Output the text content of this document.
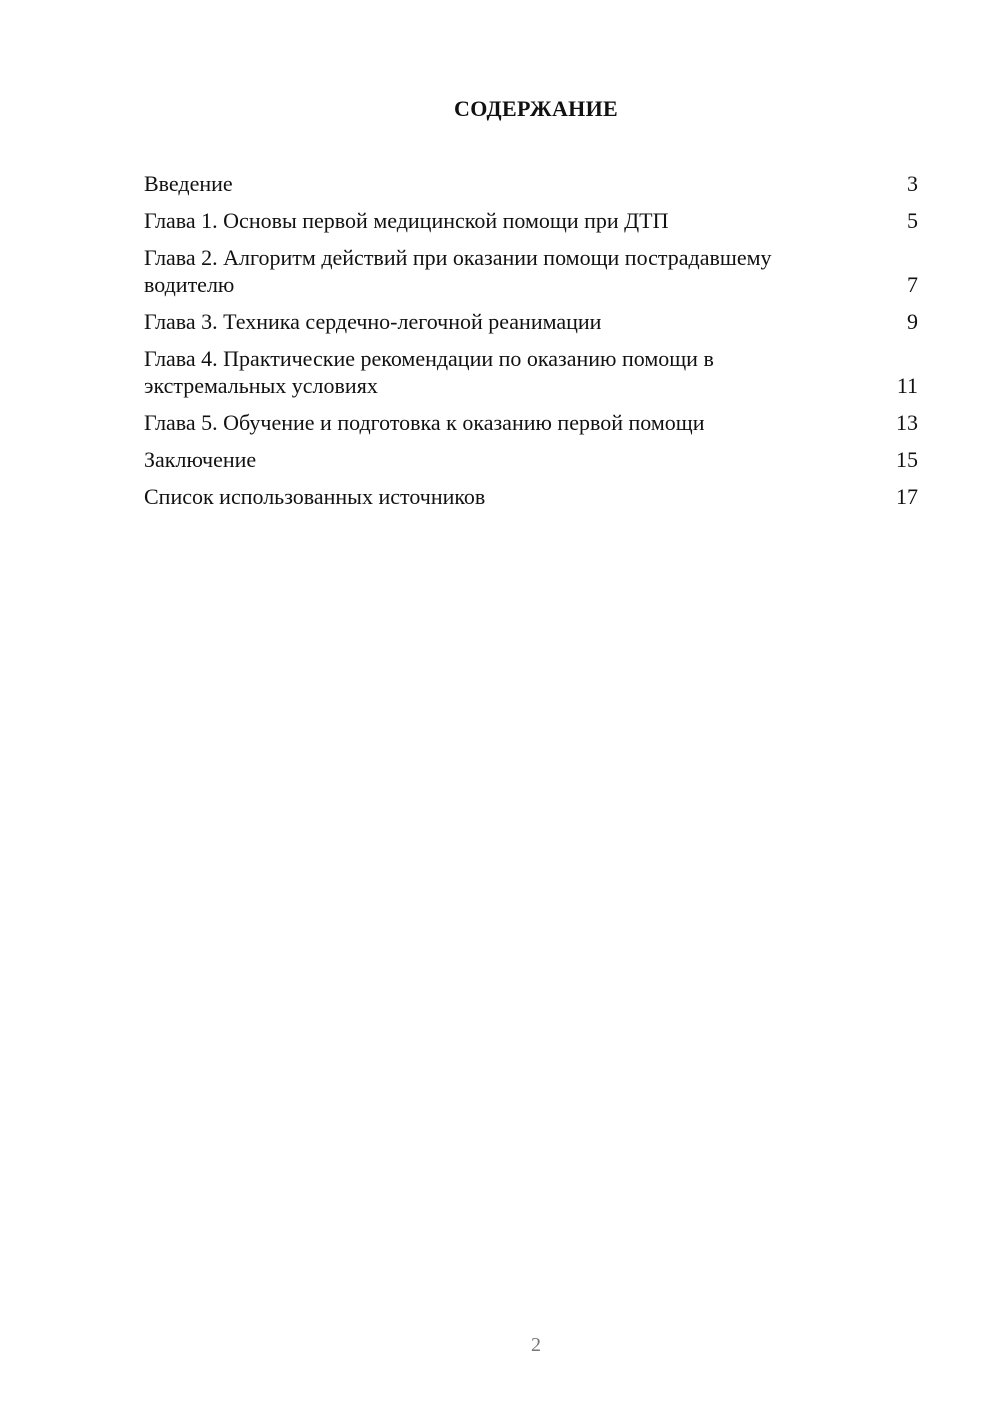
СОДЕРЖАНИЕ
Введение	3
Глава 1. Основы первой медицинской помощи при ДТП	5
Глава 2. Алгоритм действий при оказании помощи пострадавшему водителю	7
Глава 3. Техника сердечно-легочной реанимации	9
Глава 4. Практические рекомендации по оказанию помощи в экстремальных условиях	11
Глава 5. Обучение и подготовка к оказанию первой помощи	13
Заключение	15
Список использованных источников	17
2
